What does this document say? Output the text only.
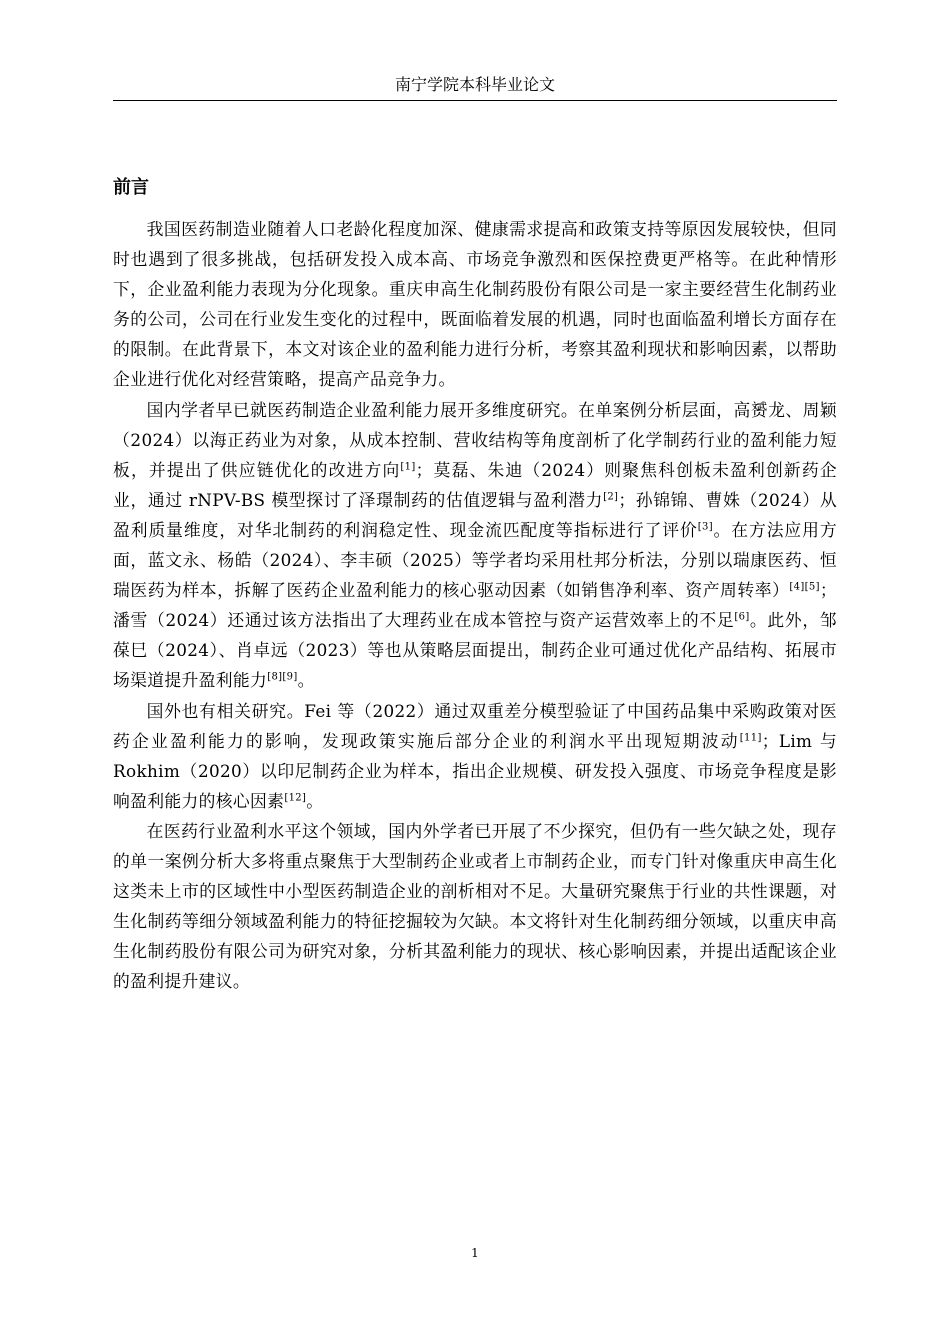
南宁学院本科毕业论文
前言

我国医药制造业随着人口老龄化程度加深、健康需求提高和政策支持等原因发展较快，但同时也遇到了很多挑战，包括研发投入成本高、市场竞争激烈和医保控费更严格等。在此种情形下，企业盈利能力表现为分化现象。重庆申高生化制药股份有限公司是一家主要经营生化制药业务的公司，公司在行业发生变化的过程中，既面临着发展的机遇，同时也面临盈利增长方面存在的限制。在此背景下，本文对该企业的盈利能力进行分析，考察其盈利现状和影响因素，以帮助企业进行优化对经营策略，提高产品竞争力。

国内学者早已就医药制造企业盈利能力展开多维度研究。在单案例分析层面，高赟龙、周颖（2024）以海正药业为对象，从成本控制、营收结构等角度剖析了化学制药行业的盈利能力短板，并提出了供应链优化的改进方向[1]；莫磊、朱迪（2024）则聚焦科创板未盈利创新药企业，通过 rNPV-BS 模型探讨了泽璟制药的估值逻辑与盈利潜力[2]；孙锦锦、曹姝（2024）从盈利质量维度，对华北制药的利润稳定性、现金流匹配度等指标进行了评价[3]。在方法应用方面，蓝文永、杨皓（2024）、李丰硕（2025）等学者均采用杜邦分析法，分别以瑞康医药、恒瑞医药为样本，拆解了医药企业盈利能力的核心驱动因素（如销售净利率、资产周转率）[4][5]；潘雪（2024）还通过该方法指出了大理药业在成本管控与资产运营效率上的不足[6]。此外，邹葆巳（2024）、肖卓远（2023）等也从策略层面提出，制药企业可通过优化产品结构、拓展市场渠道提升盈利能力[8][9]。

国外也有相关研究。Fei 等（2022）通过双重差分模型验证了中国药品集中采购政策对医药企业盈利能力的影响，发现政策实施后部分企业的利润水平出现短期波动[11]；Lim 与 Rokhim（2020）以印尼制药企业为样本，指出企业规模、研发投入强度、市场竞争程度是影响盈利能力的核心因素[12]。

在医药行业盈利水平这个领域，国内外学者已开展了不少探究，但仍有一些欠缺之处，现存的单一案例分析大多将重点聚焦于大型制药企业或者上市制药企业，而专门针对像重庆申高生化这类未上市的区域性中小型医药制造企业的剖析相对不足。大量研究聚焦于行业的共性课题，对生化制药等细分领域盈利能力的特征挖掘较为欠缺。本文将针对生化制药细分领域，以重庆申高生化制药股份有限公司为研究对象，分析其盈利能力的现状、核心影响因素，并提出适配该企业的盈利提升建议。

1
